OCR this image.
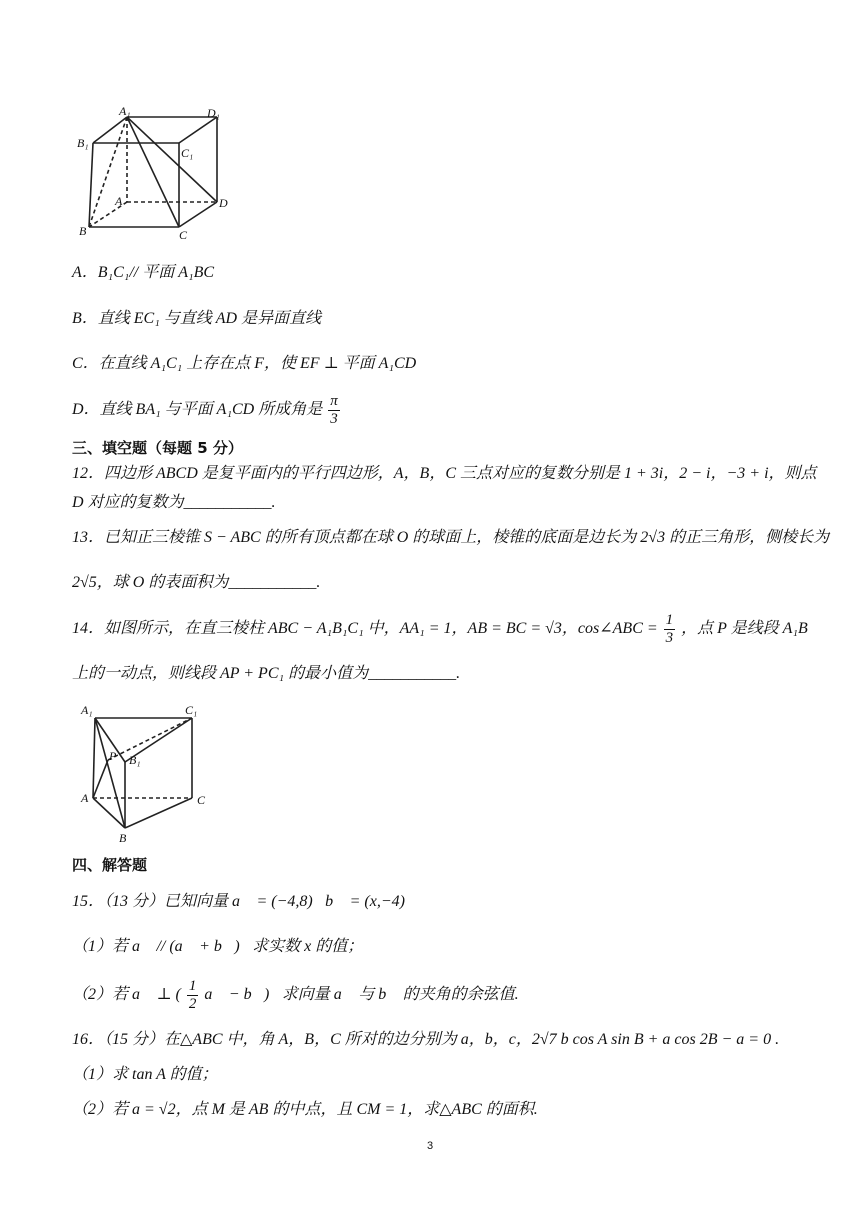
A₁	D₁
B₁
C₁
A	D
B	C
A．B₁C₁// 平面 A₁BC
B．直线 EC₁ 与直线 AD 是异面直线
C．在直线 A₁C₁ 上存在点 F，使 EF ⊥ 平面 A₁CD
D．直线 BA₁ 与平面 A₁CD 所成角是 $\frac{\pi}{3}$
三、填空题（每题 5 分）
12．四边形 ABCD 是复平面内的平行四边形，A，B，C 三点对应的复数分别是 1 + 3i，2 − i，−3 + i，则点
D 对应的复数为___________.
13．已知正三棱锥 S − ABC 的所有顶点都在球 O 的球面上，棱锥的底面是边长为 2√3 的正三角形，侧棱长为
2√5，球 O 的表面积为___________.
14．如图所示，在直三棱柱 ABC − A₁B₁C₁ 中，AA₁ = 1，AB = BC = √3，cos∠ABC = $\frac{1}{3}$ ，点 P 是线段 A₁B
上的一动点，则线段 AP + PC₁ 的最小值为___________.
A₁	C₁
P B₁
A	C
B
四、解答题
15．（13 分）已知向量 a⃗ = (−4,8)，b⃗ = (x,−4)，
（1）若 a⃗ // (a⃗ + b⃗)，求实数 x 的值；
（2）若 a⃗ ⊥ ( $\frac{1}{2}$ a⃗ − b⃗)，求向量 a⃗ 与 b⃗ 的夹角的余弦值.
16．（15 分）在△ABC 中，角 A，B，C 所对的边分别为 a，b，c，2√7 b cos A sin B + a cos 2B − a = 0 .
（1）求 tan A 的值；
（2）若 a = √2，点 M 是 AB 的中点，且 CM = 1，求△ABC 的面积.
3
